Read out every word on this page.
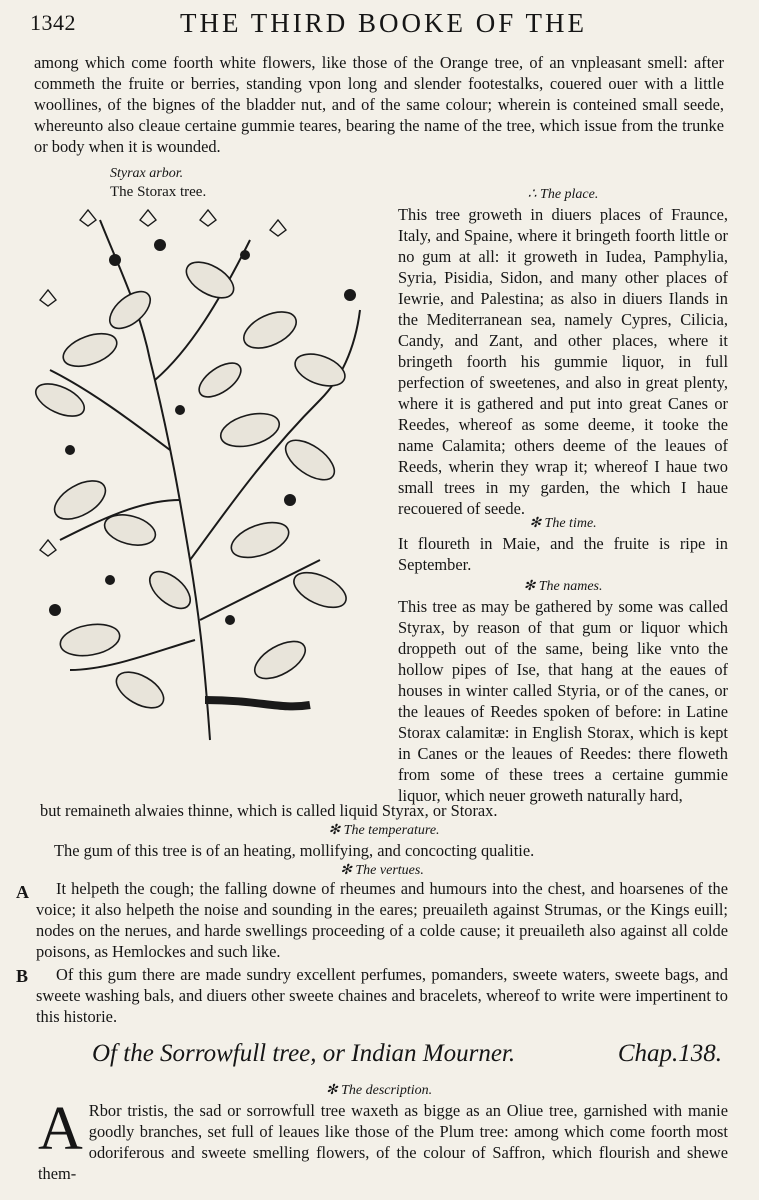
1342	THE THIRD BOOKE OF THE
among which come foorth white flowers, like those of the Orange tree, of an vnpleasant smell: after commeth the fruite or berries, standing vpon long and slender footestalks, couered ouer with a little woollines, of the bignes of the bladder nut, and of the same colour; wherein is conteined small seede, whereunto also cleaue certaine gummie teares, bearing the name of the tree, which issue from the trunke or body when it is wounded.
Styrax arbor.
The Storax tree.	∴ The place.
This tree groweth in diuers places of Fraunce, Italy, and Spaine, where it bringeth foorth little or no gum at all: it groweth in Iudea, Pamphylia, Syria, Pisidia, Sidon, and many other places of Iewrie, and Palestina; as also in diuers Ilands in the Mediterranean sea, namely Cypres, Cilicia, Candy, and Zant, and other places, where it bringeth foorth his gummie liquor, in full perfection of sweetenes, and also in great plenty, where it is gathered and put into great Canes or Reedes, whereof as some deeme, it tooke the name Calamita; others deeme of the leaues of Reeds, wherin they wrap it; whereof I haue two small trees in my garden, the which I haue recouered of seede.
✻ The time.
It floureth in Maie, and the fruite is ripe in September.
✻ The names.
This tree as may be gathered by some was called Styrax, by reason of that gum or liquor which droppeth out of the same, being like vnto the hollow pipes of Ise, that hang at the eaues of houses in winter called Styria, or of the canes, or the leaues of Reedes spoken of before: in Latine Storax calamitæ: in English Storax, which is kept in Canes or the leaues of Reedes: there floweth from some of these trees a certaine gummie liquor, which neuer groweth naturally hard,
but remaineth alwaies thinne, which is called liquid Styrax, or Storax.
✻ The temperature.
The gum of this tree is of an heating, mollifying, and concocting qualitie.
✻ The vertues.
A	It helpeth the cough; the falling downe of rheumes and humours into the chest, and hoarsenes of the voice; it also helpeth the noise and sounding in the eares; preuaileth against Strumas, or the Kings euill; nodes on the nerues, and harde swellings proceeding of a colde cause; it preuaileth also against all colde poisons, as Hemlockes and such like.
B	Of this gum there are made sundry excellent perfumes, pomanders, sweete waters, sweete bags, and sweete washing bals, and diuers other sweete chaines and bracelets, whereof to write were impertinent to this historie.
Of the Sorrowfull tree, or Indian Mourner.	Chap.138.
✻ The description.
A Rbor tristis, the sad or sorrowfull tree waxeth as bigge as an Oliue tree, garnished with manie goodly branches, set full of leaues like those of the Plum tree: among which come foorth most odoriferous and sweete smelling flowers, of the colour of Saffron, which flourish and shewe them-
